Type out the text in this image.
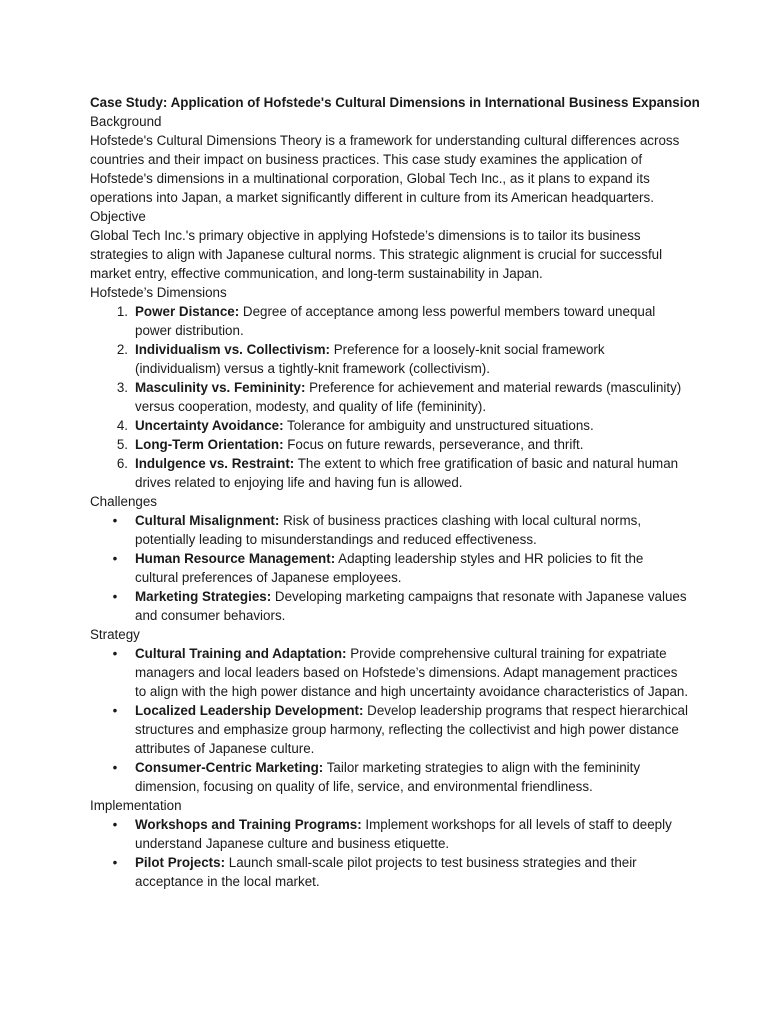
Case Study: Application of Hofstede's Cultural Dimensions in International Business Expansion

Background

Hofstede's Cultural Dimensions Theory is a framework for understanding cultural differences across countries and their impact on business practices. This case study examines the application of Hofstede's dimensions in a multinational corporation, Global Tech Inc., as it plans to expand its operations into Japan, a market significantly different in culture from its American headquarters.

Objective

Global Tech Inc.'s primary objective in applying Hofstede’s dimensions is to tailor its business strategies to align with Japanese cultural norms. This strategic alignment is crucial for successful market entry, effective communication, and long-term sustainability in Japan.

Hofstede’s Dimensions

1. Power Distance: Degree of acceptance among less powerful members toward unequal power distribution.
2. Individualism vs. Collectivism: Preference for a loosely-knit social framework (individualism) versus a tightly-knit framework (collectivism).
3. Masculinity vs. Femininity: Preference for achievement and material rewards (masculinity) versus cooperation, modesty, and quality of life (femininity).
4. Uncertainty Avoidance: Tolerance for ambiguity and unstructured situations.
5. Long-Term Orientation: Focus on future rewards, perseverance, and thrift.
6. Indulgence vs. Restraint: The extent to which free gratification of basic and natural human drives related to enjoying life and having fun is allowed.

Challenges

• Cultural Misalignment: Risk of business practices clashing with local cultural norms, potentially leading to misunderstandings and reduced effectiveness.
• Human Resource Management: Adapting leadership styles and HR policies to fit the cultural preferences of Japanese employees.
• Marketing Strategies: Developing marketing campaigns that resonate with Japanese values and consumer behaviors.

Strategy

• Cultural Training and Adaptation: Provide comprehensive cultural training for expatriate managers and local leaders based on Hofstede’s dimensions. Adapt management practices to align with the high power distance and high uncertainty avoidance characteristics of Japan.
• Localized Leadership Development: Develop leadership programs that respect hierarchical structures and emphasize group harmony, reflecting the collectivist and high power distance attributes of Japanese culture.
• Consumer-Centric Marketing: Tailor marketing strategies to align with the femininity dimension, focusing on quality of life, service, and environmental friendliness.

Implementation

• Workshops and Training Programs: Implement workshops for all levels of staff to deeply understand Japanese culture and business etiquette.
• Pilot Projects: Launch small-scale pilot projects to test business strategies and their acceptance in the local market.
